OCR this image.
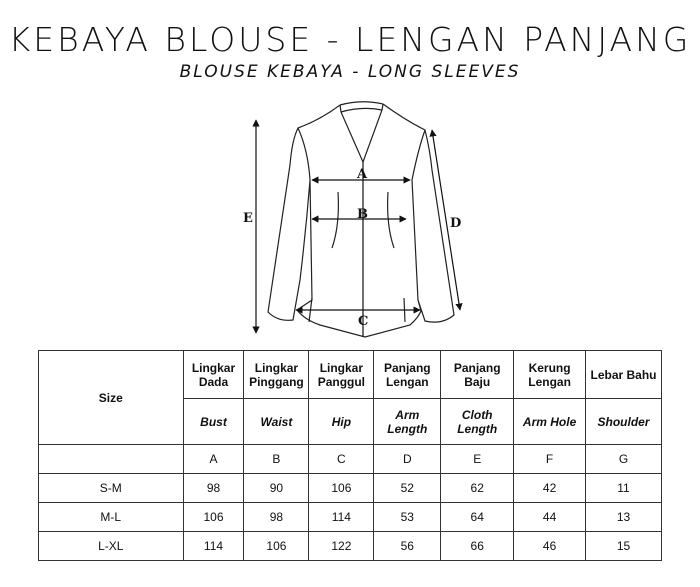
KEBAYA BLOUSE - LENGAN PANJANG
BLOUSE KEBAYA - LONG SLEEVES
A
B
C
D
E
Size	Lingkar Dada	Lingkar Pinggang	Lingkar Panggul	Panjang Lengan	Panjang Baju	Kerung Lengan	Lebar Bahu
	Bust	Waist	Hip	Arm Length	Cloth Length	Arm Hole	Shoulder
	A	B	C	D	E	F	G
S-M	98	90	106	52	62	42	11
M-L	106	98	114	53	64	44	13
L-XL	114	106	122	56	66	46	15
